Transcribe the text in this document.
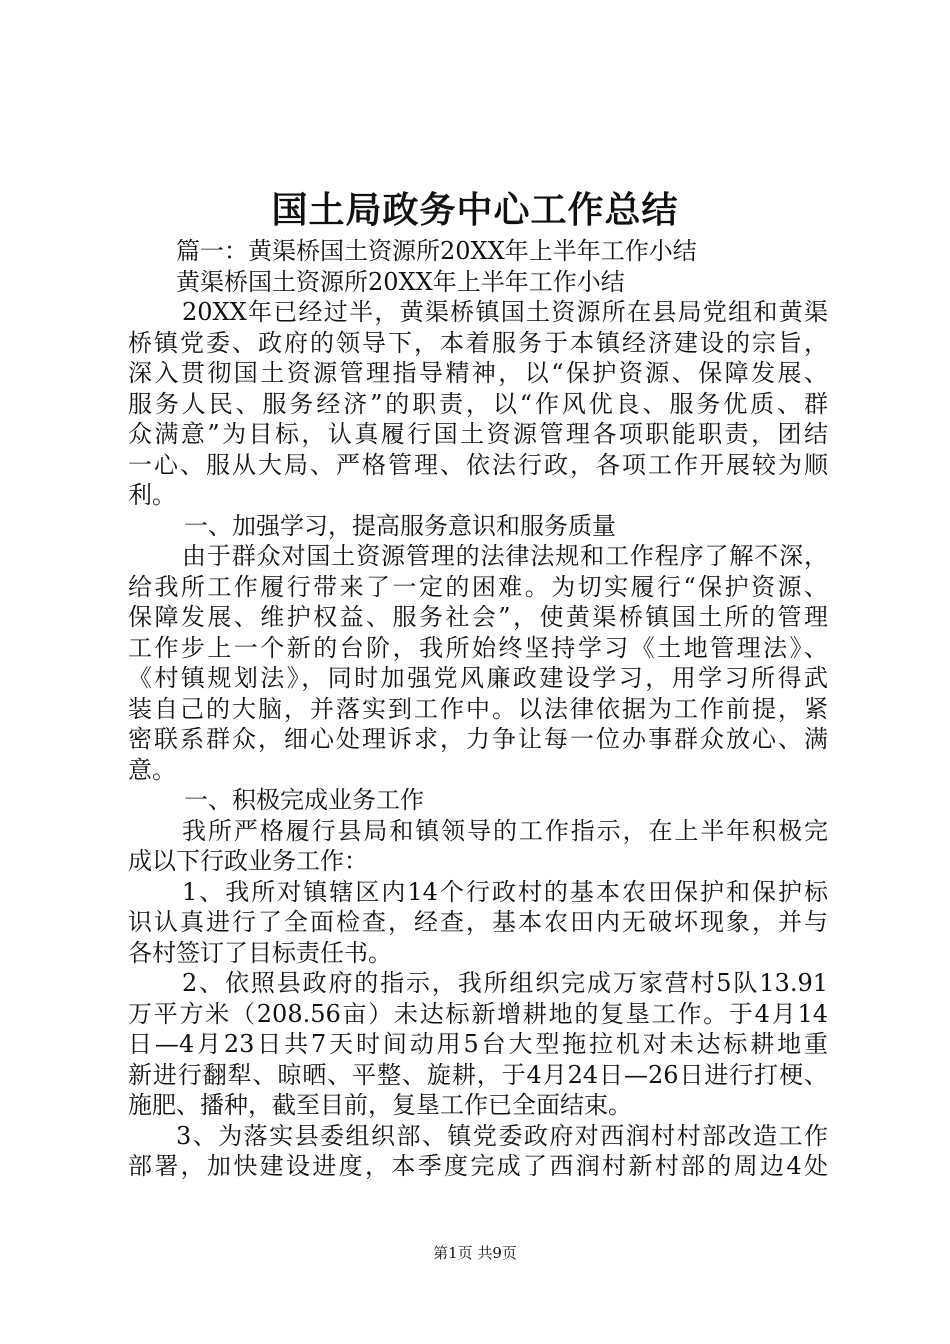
国土局政务中心工作总结
篇一：黄渠桥国土资源所20XX年上半年工作小结
黄渠桥国土资源所20XX年上半年工作小结
20XX年已经过半，黄渠桥镇国土资源所在县局党组和黄渠
桥镇党委、政府的领导下，本着服务于本镇经济建设的宗旨，
深入贯彻国土资源管理指导精神，以“保护资源、保障发展、
服务人民、服务经济”的职责，以“作风优良、服务优质、群
众满意”为目标，认真履行国土资源管理各项职能职责，团结
一心、服从大局、严格管理、依法行政，各项工作开展较为顺
利。
一、加强学习，提高服务意识和服务质量
由于群众对国土资源管理的法律法规和工作程序了解不深，
给我所工作履行带来了一定的困难。为切实履行“保护资源、
保障发展、维护权益、服务社会”，使黄渠桥镇国土所的管理
工作步上一个新的台阶，我所始终坚持学习《土地管理法》、
《村镇规划法》，同时加强党风廉政建设学习，用学习所得武
装自己的大脑，并落实到工作中。以法律依据为工作前提，紧
密联系群众，细心处理诉求，力争让每一位办事群众放心、满
意。
一、积极完成业务工作
我所严格履行县局和镇领导的工作指示，在上半年积极完
成以下行政业务工作：
1、我所对镇辖区内14个行政村的基本农田保护和保护标
识认真进行了全面检查，经查，基本农田内无破坏现象，并与
各村签订了目标责任书。
2、依照县政府的指示，我所组织完成万家营村5队13.91
万平方米（208.56亩）未达标新增耕地的复垦工作。于4月14
日—4月23日共7天时间动用5台大型拖拉机对未达标耕地重
新进行翻犁、晾晒、平整、旋耕，于4月24日—26日进行打梗、
施肥、播种，截至目前，复垦工作已全面结束。
3、为落实县委组织部、镇党委政府对西润村村部改造工作
部署，加快建设进度，本季度完成了西润村新村部的周边4处
第1页 共9页
